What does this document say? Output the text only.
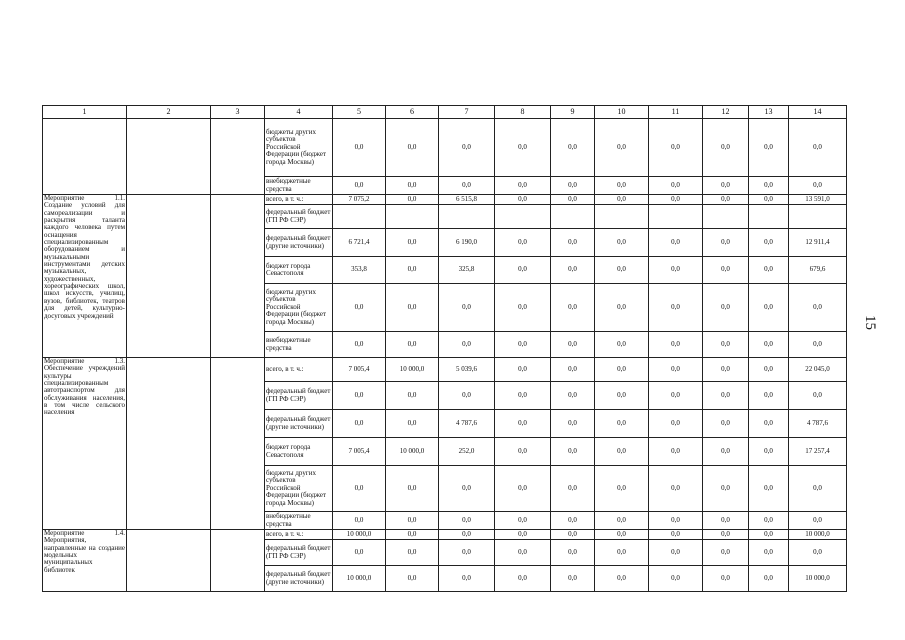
15
1	2	3	4	5	6	7	8	9	10	11	12	13	14
			бюджеты других субъектов Российской Федерации (бюджет города Москвы)	0,0	0,0	0,0	0,0	0,0	0,0	0,0	0,0	0,0	0,0
			внебюджетные средства	0,0	0,0	0,0	0,0	0,0	0,0	0,0	0,0	0,0	0,0
Мероприятие 1.1. Создание условий для самореализации и раскрытия таланта каждого человека путем оснащения специализированным оборудованием и музыкальными инструментами детских музыкальных, художественных, хореографических школ, школ искусств, училищ, вузов, библиотек, театров для детей, культурно-досуговых учреждений			всего, в т. ч.:	7 075,2	0,0	6 515,8	0,0	0,0	0,0	0,0	0,0	0,0	13 591,0
			федеральный бюджет (ГП РФ СЭР)										
			федеральный бюджет (другие источники)	6 721,4	0,0	6 190,0	0,0	0,0	0,0	0,0	0,0	0,0	12 911,4
			бюджет города Севастополя	353,8	0,0	325,8	0,0	0,0	0,0	0,0	0,0	0,0	679,6
			бюджеты других субъектов Российской Федерации (бюджет города Москвы)	0,0	0,0	0,0	0,0	0,0	0,0	0,0	0,0	0,0	0,0
			внебюджетные средства	0,0	0,0	0,0	0,0	0,0	0,0	0,0	0,0	0,0	0,0
Мероприятие 1.3. Обеспечение учреждений культуры специализированным автотранспортом для обслуживания населения, в том числе сельского населения			всего, в т. ч.:	7 005,4	10 000,0	5 039,6	0,0	0,0	0,0	0,0	0,0	0,0	22 045,0
			федеральный бюджет (ГП РФ СЭР)	0,0	0,0	0,0	0,0	0,0	0,0	0,0	0,0	0,0	0,0
			федеральный бюджет (другие источники)	0,0	0,0	4 787,6	0,0	0,0	0,0	0,0	0,0	0,0	4 787,6
			бюджет города Севастополя	7 005,4	10 000,0	252,0	0,0	0,0	0,0	0,0	0,0	0,0	17 257,4
			бюджеты других субъектов Российской Федерации (бюджет города Москвы)	0,0	0,0	0,0	0,0	0,0	0,0	0,0	0,0	0,0	0,0
			внебюджетные средства	0,0	0,0	0,0	0,0	0,0	0,0	0,0	0,0	0,0	0,0
Мероприятие 1.4. Мероприятия, направленные на создание модельных муниципальных библиотек			всего, в т. ч.:	10 000,0	0,0	0,0	0,0	0,0	0,0	0,0	0,0	0,0	10 000,0
			федеральный бюджет (ГП РФ СЭР)	0,0	0,0	0,0	0,0	0,0	0,0	0,0	0,0	0,0	0,0
			федеральный бюджет (другие источники)	10 000,0	0,0	0,0	0,0	0,0	0,0	0,0	0,0	0,0	10 000,0
